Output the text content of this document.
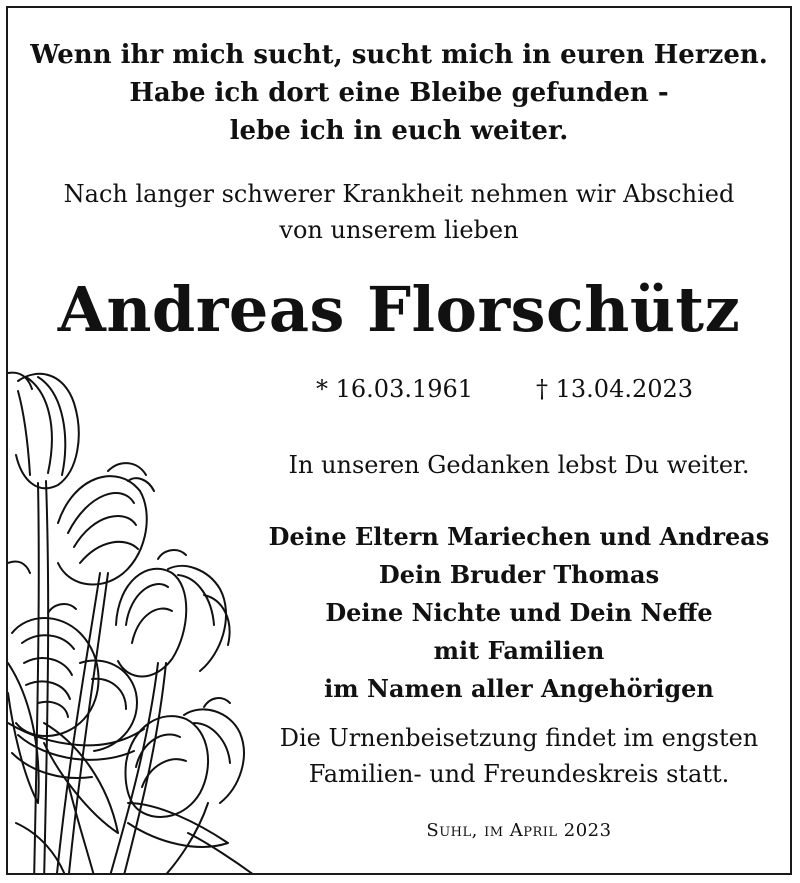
Wenn ihr mich sucht, sucht mich in euren Herzen.
Habe ich dort eine Bleibe gefunden -
lebe ich in euch weiter.
Nach langer schwerer Krankheit nehmen wir Abschied
von unserem lieben
Andreas Florschütz
* 16.03.1961	† 13.04.2023
In unseren Gedanken lebst Du weiter.
Deine Eltern Mariechen und Andreas
Dein Bruder Thomas
Deine Nichte und Dein Neffe
mit Familien
im Namen aller Angehörigen
Die Urnenbeisetzung findet im engsten
Familien- und Freundeskreis statt.
Suhl, im April 2023
